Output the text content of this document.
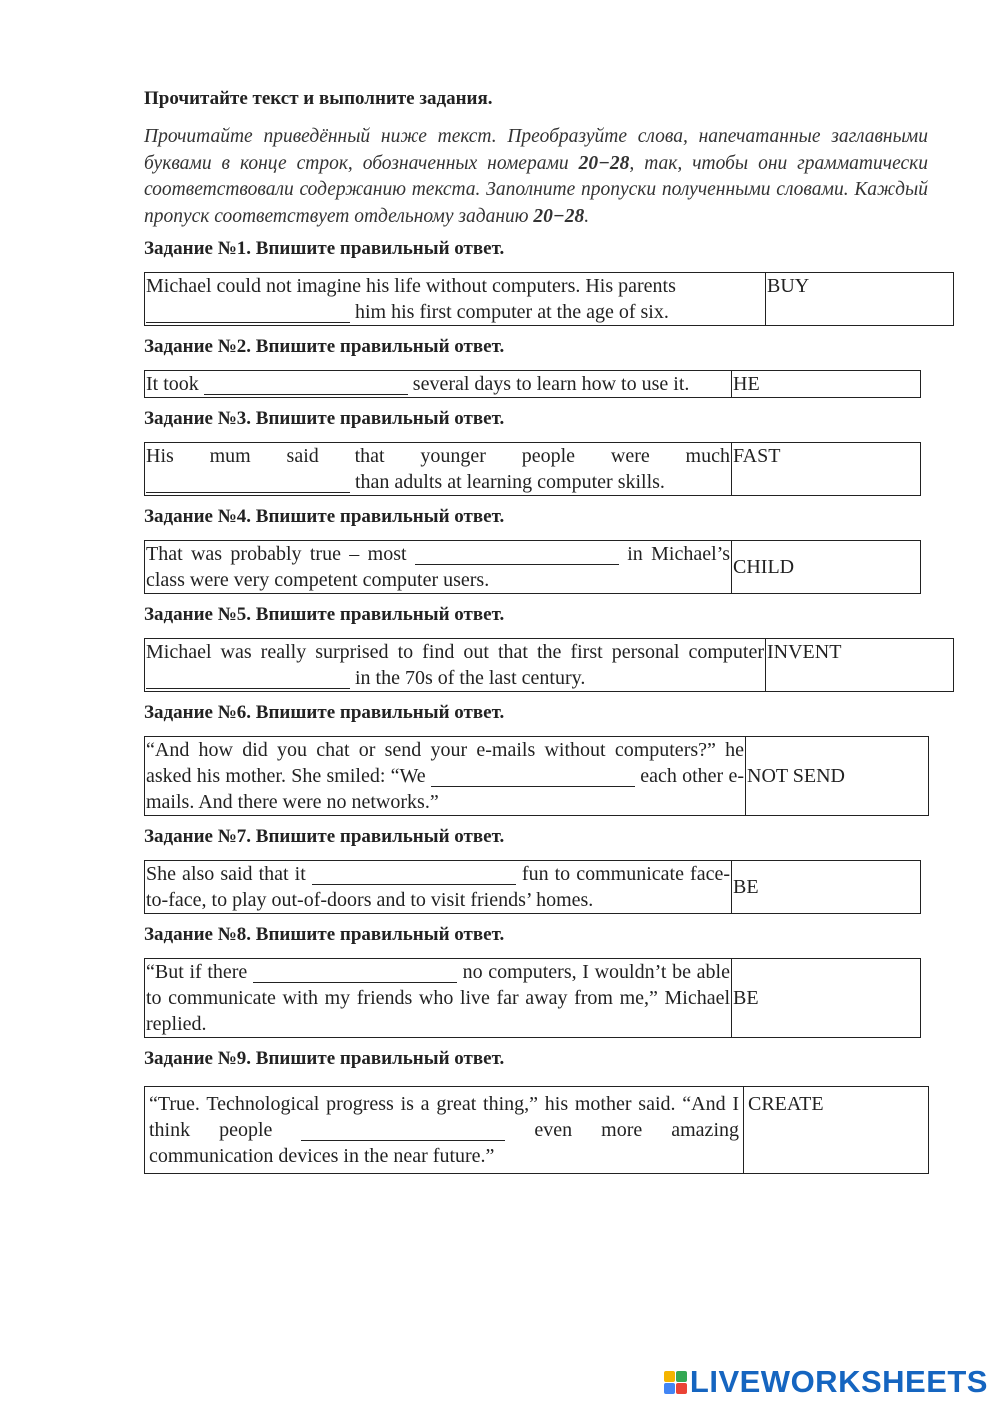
Прочитайте текст и выполните задания.

Прочитайте приведённый ниже текст. Преобразуйте слова, напечатанные заглавными буквами в конце строк, обозначенных номерами 20−28, так, чтобы они грамматически соответствовали содержанию текста. Заполните пропуски полученными словами. Каждый пропуск соответствует отдельному заданию 20−28.

Задание №1. Впишите правильный ответ.

Michael could not imagine his life without computers. His parents
him his first computer at the age of six.	BUY

Задание №2. Впишите правильный ответ.

It took	several days to learn how to use it.	HE

Задание №3. Впишите правильный ответ.

His mum said that younger people were much
than adults at learning computer skills.	FAST

Задание №4. Впишите правильный ответ.

That was probably true – most	in Michael’s class were very competent computer users.	CHILD

Задание №5. Впишите правильный ответ.

Michael was really surprised to find out that the first personal computer  in the 70s of the last century.	INVENT

Задание №6. Впишите правильный ответ.

“And how did you chat or send your e-mails without computers?” he asked his mother. She smiled: “We	each other e-mails. And there were no networks.”	NOT SEND

Задание №7. Впишите правильный ответ.

She also said that it	fun to communicate face-to-face, to play out-of-doors and to visit friends’ homes.	BE

Задание №8. Впишите правильный ответ.

“But if there	no computers, I wouldn’t be able to communicate with my friends who live far away from me,” Michael replied.	BE

Задание №9. Впишите правильный ответ.

“True. Technological progress is a great thing,” his mother said. “And I think people	even more amazing communication devices in the near future.”	CREATE
LIVEWORKSHEETS
